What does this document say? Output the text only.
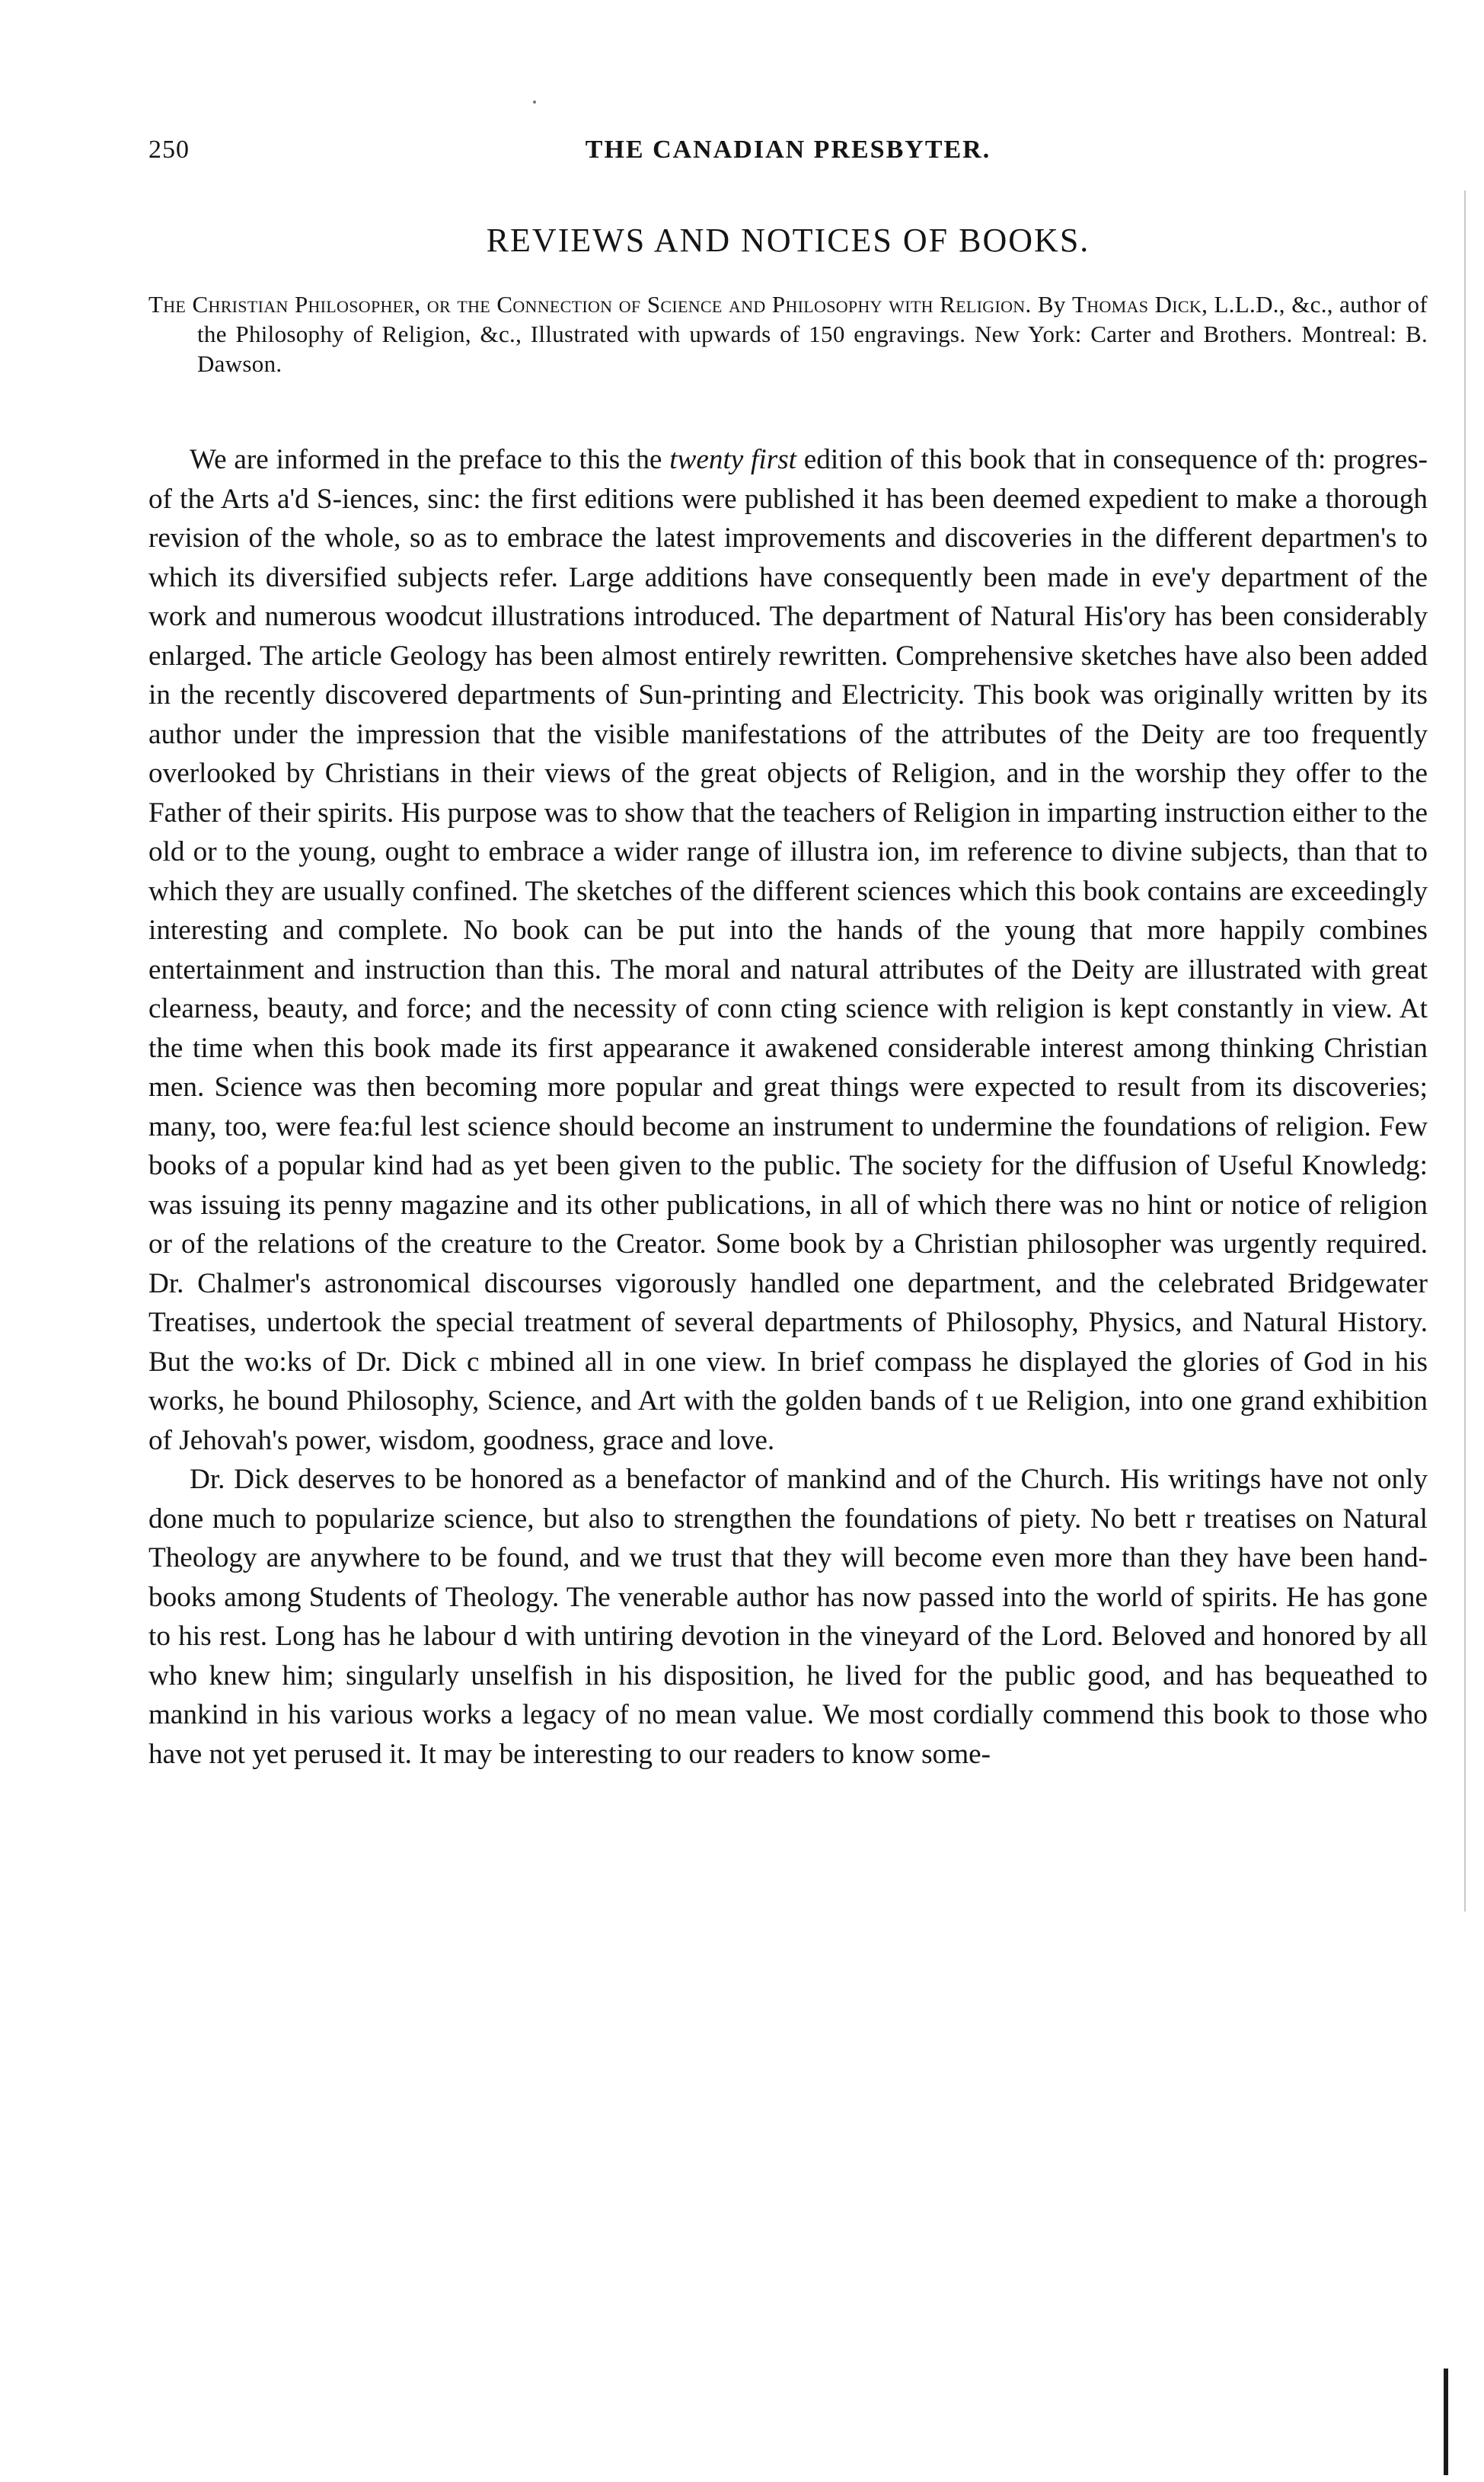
250	THE CANADIAN PRESBYTER.
REVIEWS AND NOTICES OF BOOKS.
The Christian Philosopher, or the Connection of Science and Philosophy with Religion. By Thomas Dick, L.L.D., &c., author of the Philosophy of Religion, &c., Illustrated with upwards of 150 engravings. New York: Carter and Brothers. Montreal: B. Dawson.

We are informed in the preface to this the twenty first edition of this book that in consequence of th: progres- of the Arts a'd S-iences, sinc: the first editions were published it has been deemed expedient to make a thorough revision of the whole, so as to embrace the latest improvements and discoveries in the different departmen's to which its diversified subjects refer. Large additions have consequently been made in eve'y department of the work and numerous woodcut illustrations introduced. The department of Natural His'ory has been considerably enlarged. The article Geology has been almost entirely rewritten. Comprehensive sketches have also been added in the recently discovered departments of Sun-printing and Electricity. This book was originally written by its author under the impression that the visible manifestations of the attributes of the Deity are too frequently overlooked by Christians in their views of the great objects of Religion, and in the worship they offer to the Father of their spirits. His purpose was to show that the teachers of Religion in imparting instruction either to the old or to the young, ought to embrace a wider range of illustra ion, im reference to divine subjects, than that to which they are usually confined. The sketches of the different sciences which this book contains are exceedingly interesting and complete. No book can be put into the hands of the young that more happily combines entertainment and instruction than this. The moral and natural attributes of the Deity are illustrated with great clearness, beauty, and force; and the necessity of conn cting science with religion is kept constantly in view. At the time when this book made its first appearance it awakened considerable interest among thinking Christian men. Science was then becoming more popular and great things were expected to result from its discoveries; many, too, were fea:ful lest science should become an instrument to undermine the foundations of religion. Few books of a popular kind had as yet been given to the public. The society for the diffusion of Useful Knowledg: was issuing its penny magazine and its other publications, in all of which there was no hint or notice of religion or of the relations of the creature to the Creator. Some book by a Christian philosopher was urgently required. Dr. Chalmer's astronomical discourses vigorously handled one department, and the celebrated Bridgewater Treatises, undertook the special treatment of several departments of Philosophy, Physics, and Natural History. But the wo:ks of Dr. Dick c mbined all in one view. In brief compass he displayed the glories of God in his works, he bound Philosophy, Science, and Art with the golden bands of t ue Religion, into one grand exhibition of Jehovah's power, wisdom, goodness, grace and love.

Dr. Dick deserves to be honored as a benefactor of mankind and of the Church. His writings have not only done much to popularize science, but also to strengthen the foundations of piety. No bett r treatises on Natural Theology are anywhere to be found, and we trust that they will become even more than they have been hand-books among Students of Theology. The venerable author has now passed into the world of spirits. He has gone to his rest. Long has he labour d with untiring devotion in the vineyard of the Lord. Beloved and honored by all who knew him; singularly unselfish in his disposition, he lived for the public good, and has bequeathed to mankind in his various works a legacy of no mean value. We most cordially commend this book to those who have not yet perused it. It may be interesting to our readers to know some-
